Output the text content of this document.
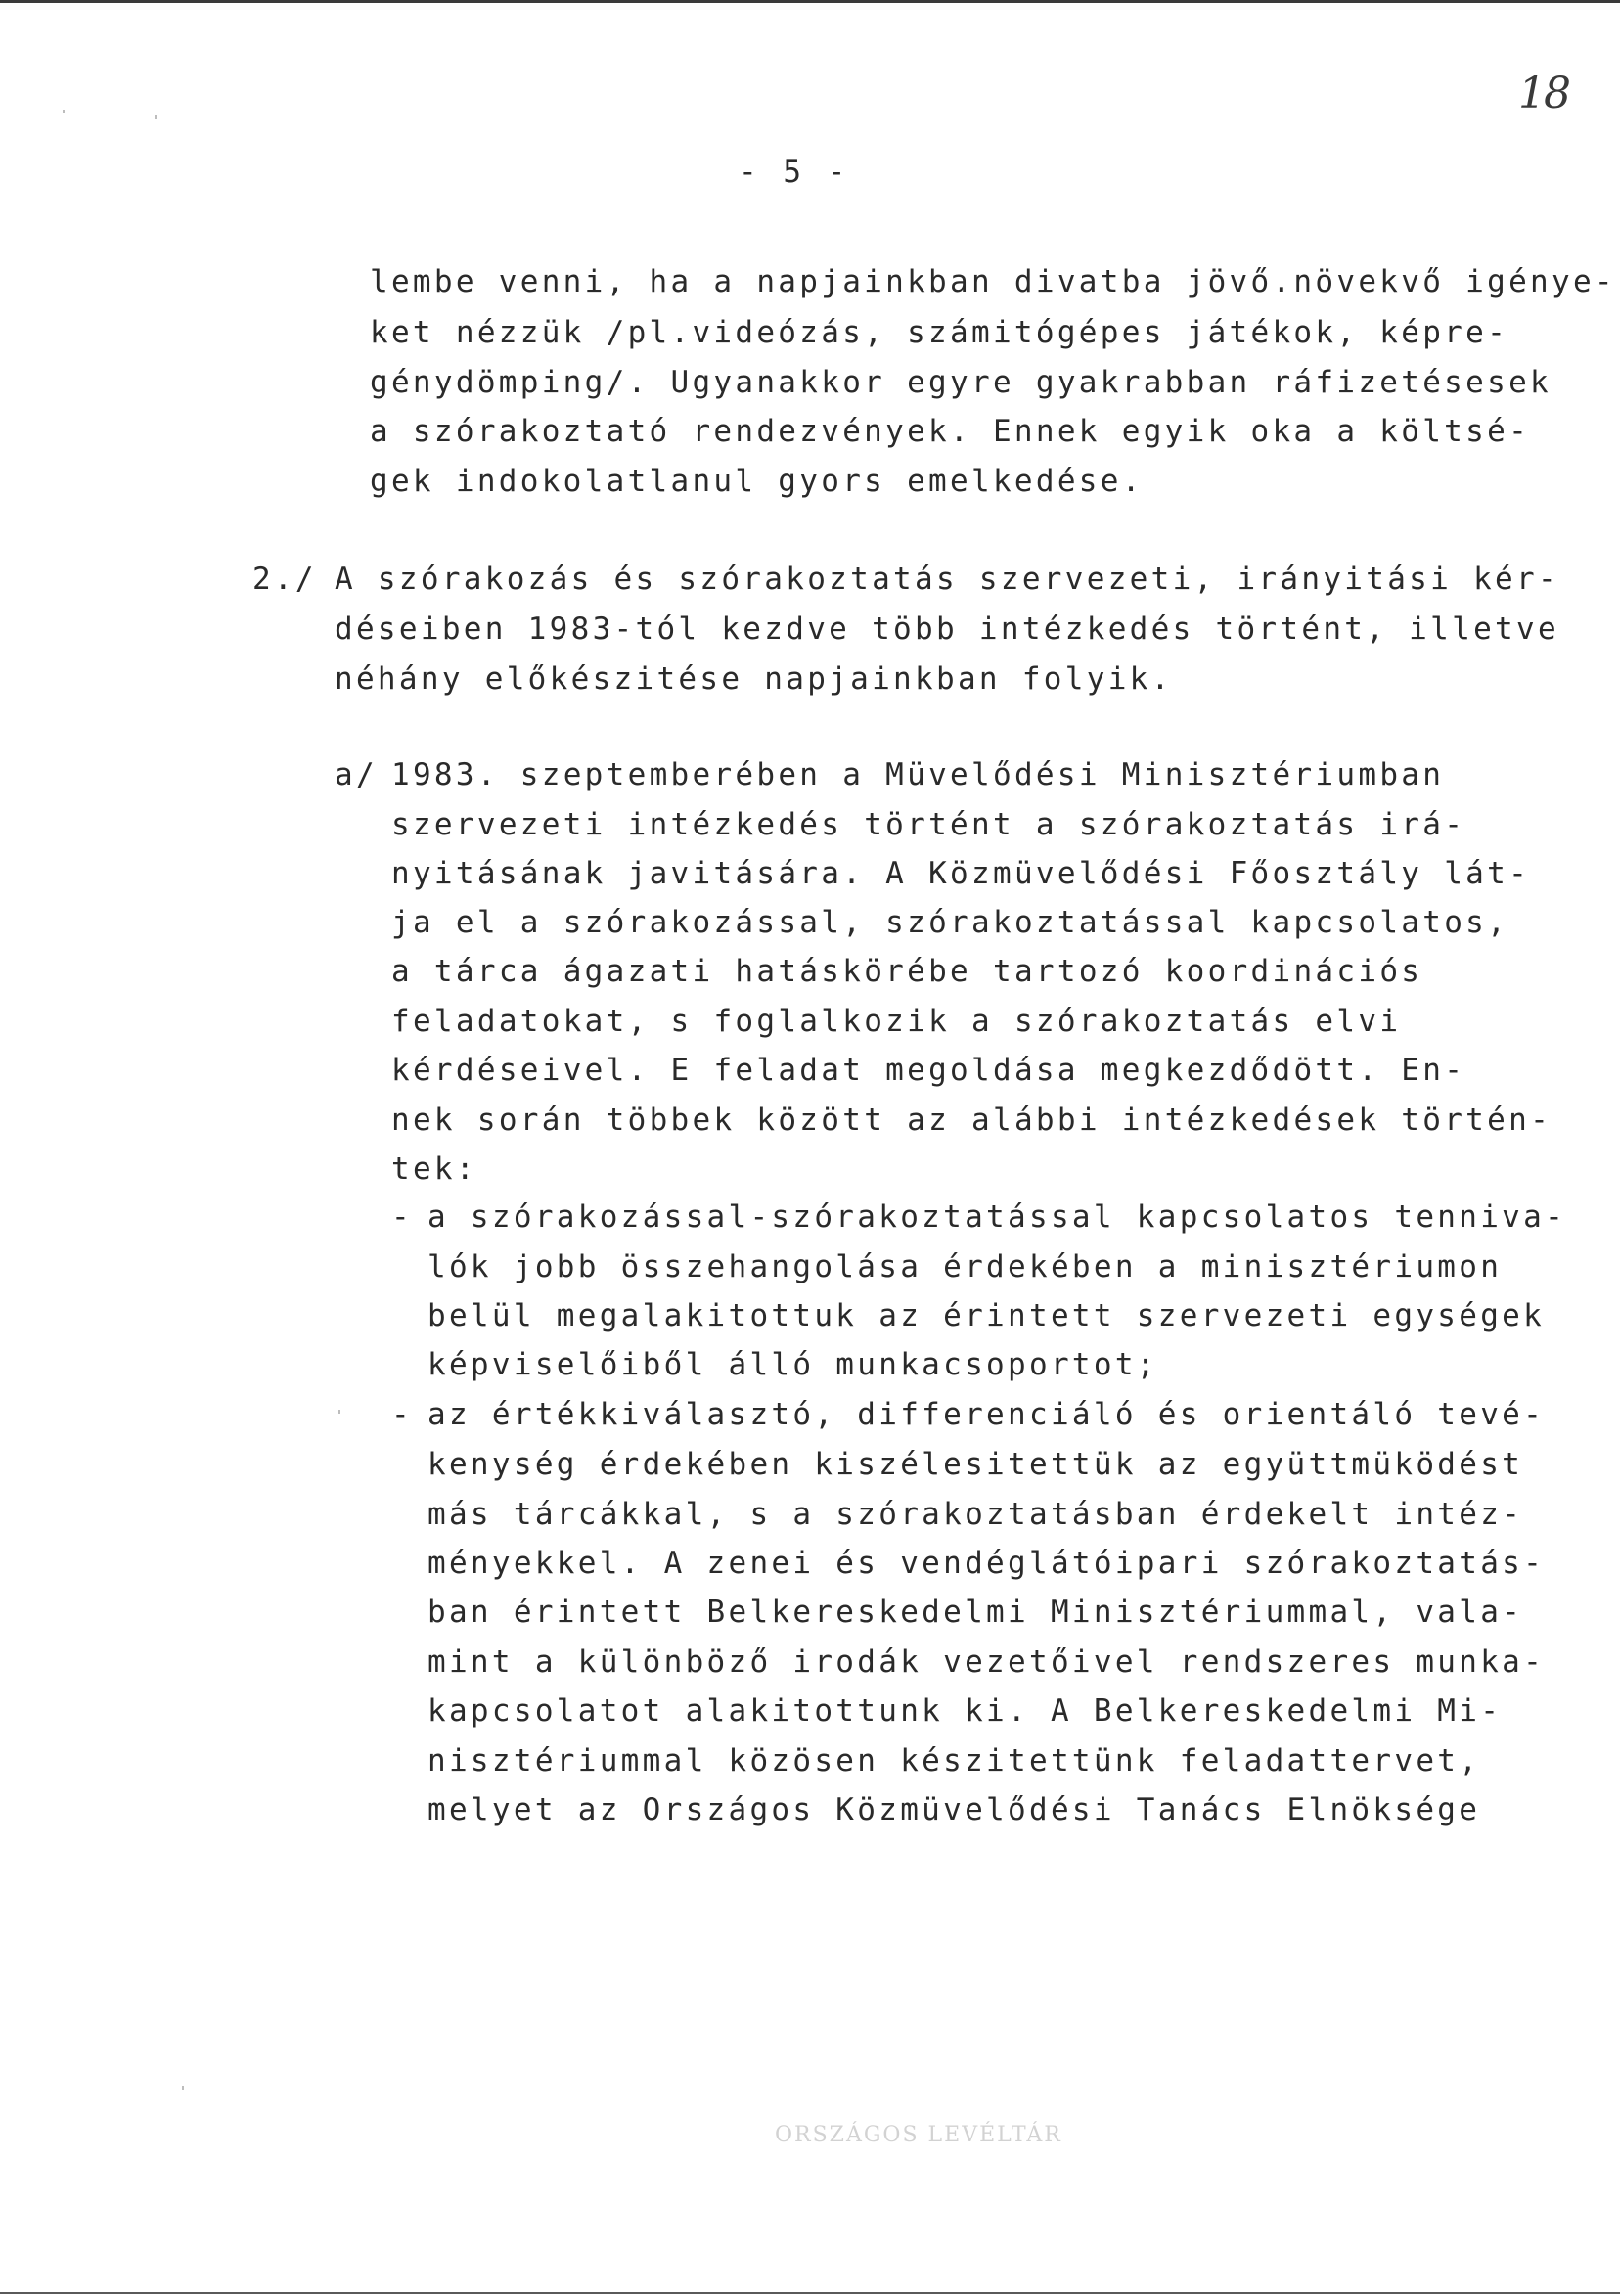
18
- 5 -
lembe venni, ha a napjainkban divatba jövő.növekvő igénye-
ket nézzük /pl.videózás, számitógépes játékok, képre-
génydömping/. Ugyanakkor egyre gyakrabban ráfizetésesek
a szórakoztató rendezvények. Ennek egyik oka a költsé-
gek indokolatlanul gyors emelkedése.
2./ A szórakozás és szórakoztatás szervezeti, irányitási kér-
déseiben 1983-tól kezdve több intézkedés történt, illetve
néhány előkészitése napjainkban folyik.
a/ 1983. szeptemberében a Müvelődési Minisztériumban
szervezeti intézkedés történt a szórakoztatás irá-
nyitásának javitására. A Közmüvelődési Főosztály lát-
ja el a szórakozással, szórakoztatással kapcsolatos,
a tárca ágazati hatáskörébe tartozó koordinációs
feladatokat, s foglalkozik a szórakoztatás elvi
kérdéseivel. E feladat megoldása megkezdődött. En-
nek során többek között az alábbi intézkedések történ-
tek:
- a szórakozással-szórakoztatással kapcsolatos tenniva-
lók jobb összehangolása érdekében a minisztériumon
belül megalakitottuk az érintett szervezeti egységek
képviselőiből álló munkacsoportot;
- az értékkiválasztó, differenciáló és orientáló tevé-
kenység érdekében kiszélesitettük az együttmüködést
más tárcákkal, s a szórakoztatásban érdekelt intéz-
ményekkel. A zenei és vendéglátóipari szórakoztatás-
ban érintett Belkereskedelmi Minisztériummal, vala-
mint a különböző irodák vezetőivel rendszeres munka-
kapcsolatot alakitottunk ki. A Belkereskedelmi Mi-
nisztériummal közösen készitettünk feladattervet,
melyet az Országos Közmüvelődési Tanács Elnöksége
ORSZÁGOS LEVÉLTÁR
